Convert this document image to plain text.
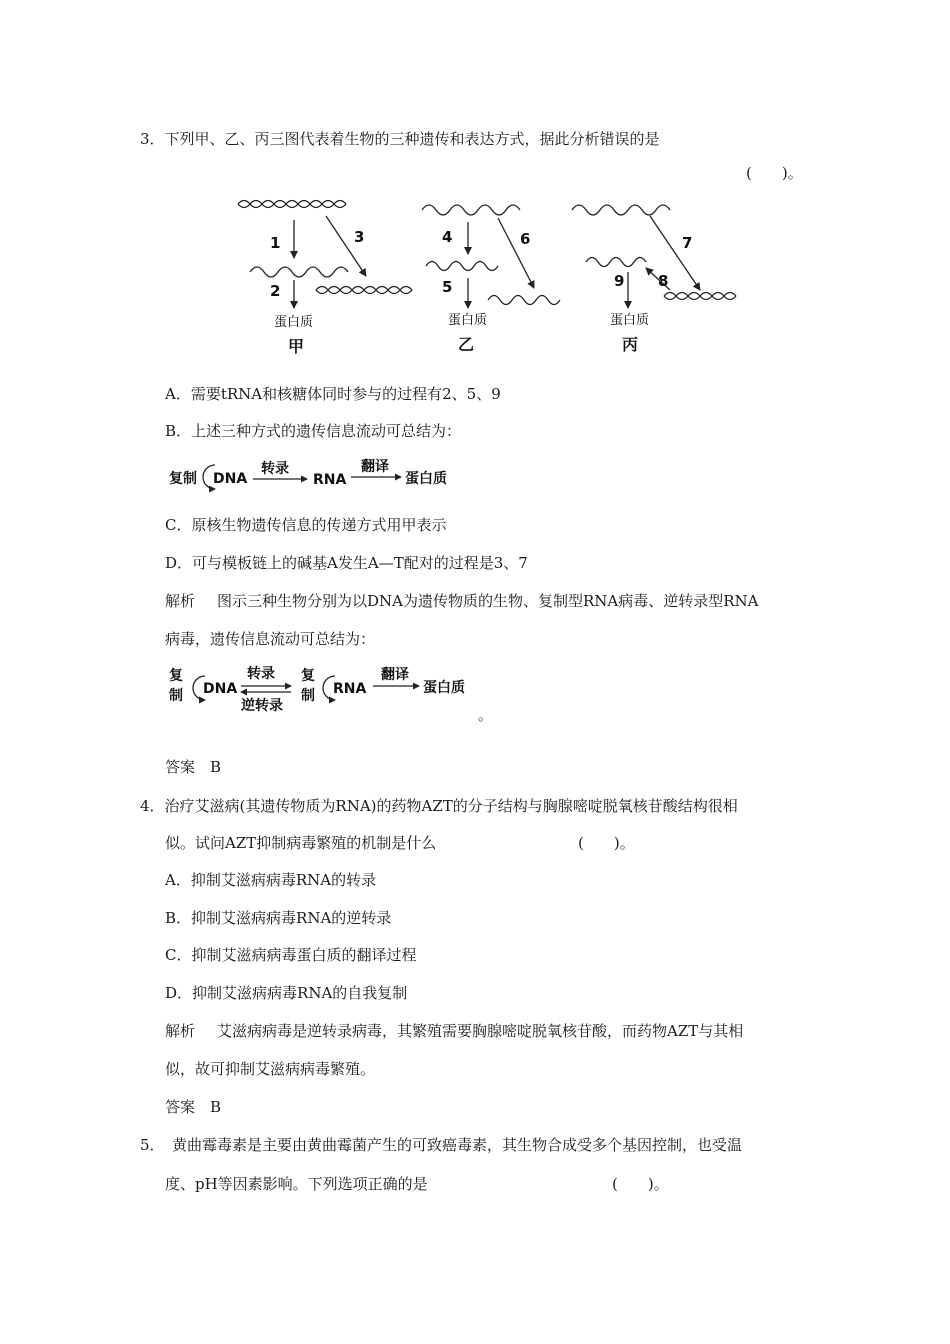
3．下列甲、乙、丙三图代表着生物的三种遗传和表达方式，据此分析错误的是
(　　)。
1
2
3	4
5
6	7
8
9
蛋白质	蛋白质	蛋白质
甲	乙	丙
A．需要tRNA和核糖体同时参与的过程有2、5、9
B．上述三种方式的遗传信息流动可总结为：
复制 DNA
转录
RNA
翻译
蛋白质
C．原核生物遗传信息的传递方式用甲表示
D．可与模板链上的碱基A发生A—T配对的过程是3、7
解析 图示三种生物分别为以DNA为遗传物质的生物、复制型RNA病毒、逆转录型RNA
病毒，遗传信息流动可总结为：
复
制 DNA
转录
逆转录
复
制 RNA
翻译
蛋白质
。
答案　B
4．治疗艾滋病(其遗传物质为RNA)的药物AZT的分子结构与胸腺嘧啶脱氧核苷酸结构很相
似。试问AZT抑制病毒繁殖的机制是什么	(　　)。
A．抑制艾滋病病毒RNA的转录
B．抑制艾滋病病毒RNA的逆转录
C．抑制艾滋病病毒蛋白质的翻译过程
D．抑制艾滋病病毒RNA的自我复制
解析 艾滋病病毒是逆转录病毒，其繁殖需要胸腺嘧啶脱氧核苷酸，而药物AZT与其相
似，故可抑制艾滋病病毒繁殖。
答案　B
5．　黄曲霉毒素是主要由黄曲霉菌产生的可致癌毒素，其生物合成受多个基因控制，也受温
度、pH等因素影响。下列选项正确的是	(　　)。
